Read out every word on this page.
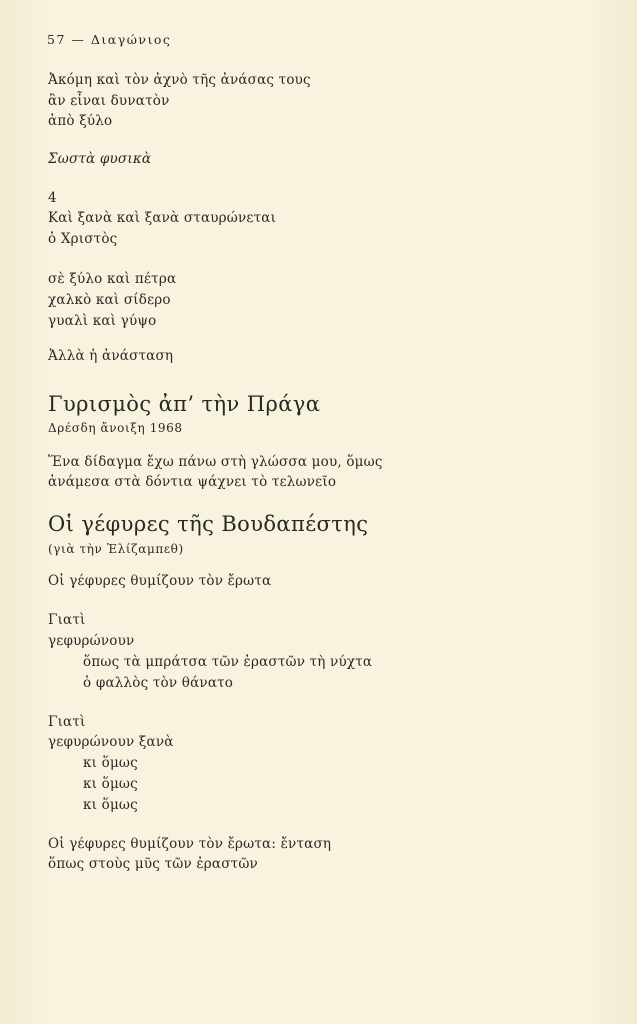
57 — Διαγώνιος
Ἀκόμη καὶ τὸν ἀχνὸ τῆς ἀνάσας τους
ἂν εἶναι δυνατὸν
ἀπὸ ξύλο
Σωστὰ φυσικὰ
4
Καὶ ξανὰ καὶ ξανὰ σταυρώνεται
ὁ Χριστὸς
σὲ ξύλο καὶ πέτρα
χαλκὸ καὶ σίδερο
γυαλὶ καὶ γύψο
Ἀλλὰ ἡ ἀνάσταση
Γυρισμὸς ἀπ’ τὴν Πράγα
Δρέσδη ἄνοιξη 1968
Ἕνα δίδαγμα ἔχω πάνω στὴ γλώσσα μου, ὅμως
ἀνάμεσα στὰ δόντια ψάχνει τὸ τελωνεῖο
Οἱ γέφυρες τῆς Βουδαπέστης
(γιὰ τὴν Ἐλίζαμπεθ)
Οἱ γέφυρες θυμίζουν τὸν ἔρωτα
Γιατὶ
γεφυρώνουν
ὅπως τὰ μπράτσα τῶν ἐραστῶν τὴ νύχτα
ὁ φαλλὸς τὸν θάνατο
Γιατὶ
γεφυρώνουν ξανὰ
κι ὅμως
κι ὅμως
κι ὅμως
Οἱ γέφυρες θυμίζουν τὸν ἔρωτα: ἔνταση
ὅπως στοὺς μῦς τῶν ἐραστῶν
